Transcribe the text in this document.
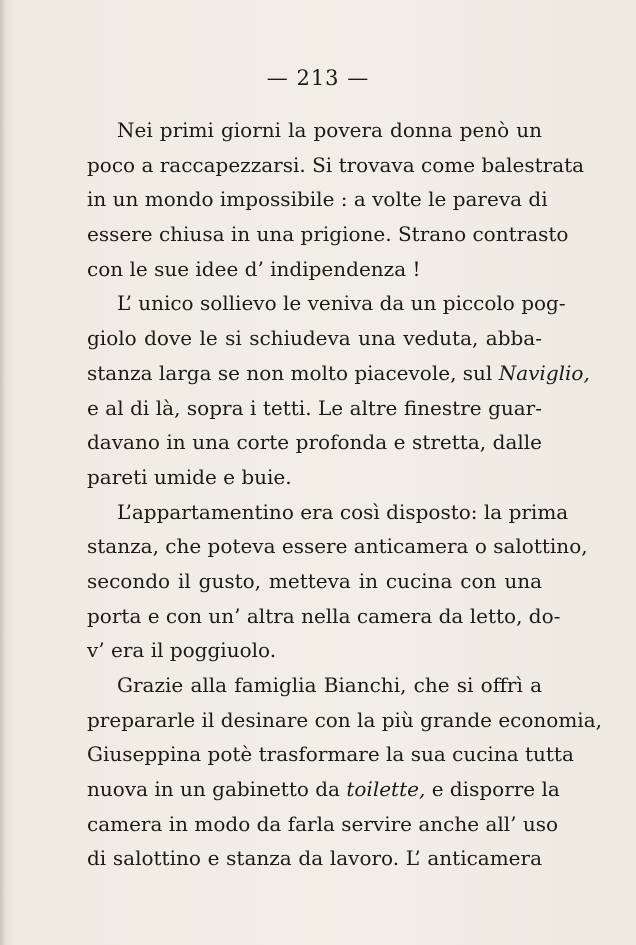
— 213 —
Nei primi giorni la povera donna penò un
poco a raccapezzarsi. Si trovava come balestrata
in un mondo impossibile : a volte le pareva di
essere chiusa in una prigione. Strano contrasto
con le sue idee d’ indipendenza !
L’ unico sollievo le veniva da un piccolo pog-
giolo dove le si schiudeva una veduta, abba-
stanza larga se non molto piacevole, sul Naviglio,
e al di là, sopra i tetti. Le altre finestre guar-
davano in una corte profonda e stretta, dalle
pareti umide e buie.
L’appartamentino era così disposto: la prima
stanza, che poteva essere anticamera o salottino,
secondo il gusto, metteva in cucina con una
porta e con un’ altra nella camera da letto, do-
v’ era il poggiuolo.
Grazie alla famiglia Bianchi, che si offrì a
prepararle il desinare con la più grande economia,
Giuseppina potè trasformare la sua cucina tutta
nuova in un gabinetto da toilette, e disporre la
camera in modo da farla servire anche all’ uso
di salottino e stanza da lavoro. L’ anticamera
